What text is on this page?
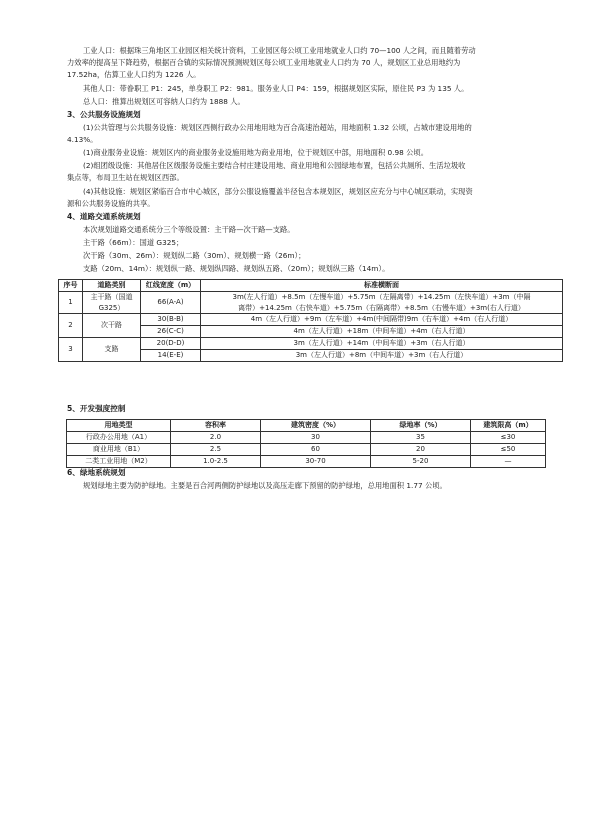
工业人口：根据珠三角地区工业园区相关统计资料，工业园区每公顷工业用地就业人口约 70—100 人之间，而且随着劳动
力效率的提高呈下降趋势，根据百合镇的实际情况预测规划区每公顷工业用地就业人口约为 70 人，规划区工业总用地约为
17.52ha，估算工业人口约为 1226 人。
其他人口：带眷职工 P1：245，单身职工 P2：981。服务业人口 P4：159，根据规划区实际，原住民 P3 为 135 人。
总人口：推算出规划区可容纳人口约为 1888 人。
3、公共服务设施规划
(1)公共管理与公共服务设施：规划区西侧行政办公用地用地为百合高速治超站，用地面积 1.32 公顷，占城市建设用地的
4.13%。
(1)商业服务业设施：规划区内的商业服务业设施用地为商业用地，位于规划区中部，用地面积 0.98 公顷。
(2)组团级设施：其他居住区级服务设施主要结合村庄建设用地、商业用地和公园绿地布置，包括公共厕所、生活垃圾收
集点等，布局卫生站在规划区西部。
(4)其他设施：规划区紧临百合市中心城区，部分公服设施覆盖半径包含本规划区，规划区应充分与中心城区联动，实现资
源和公共服务设施的共享。
4、道路交通系统规划
本次规划道路交通系统分三个等级设置：主干路—次干路—支路。
主干路（66m）：国道 G325；
次干路（30m、26m）：规划纵二路（30m）、规划横一路（26m）；
支路（20m、14m）：规划纵一路、规划纵四路、规划纵五路、（20m）；规划纵三路（14m）。
序号	道路类别	红线宽度（m）	标准横断面
1	主干路（国道 G325）	66(A-A)	3m(左人行道）+8.5m（左慢车道）+5.75m（左隔离带）+14.25m（左快车道）+3m（中隔
离带）+14.25m（右快车道）+5.75m（右隔离带）+8.5m（右慢车道）+3m(右人行道）

2	次干路	30(B-B)	4m（左人行道）+9m（左车道）+4m(中间隔带)9m（右车道）+4m（右人行道）
		26(C-C)	4m（左人行道）+18m（中间车道）+4m（右人行道）
3	支路	20(D-D)	3m（左人行道）+14m（中间车道）+3m（右人行道）
		14(E-E)	3m（左人行道）+8m（中间车道）+3m（右人行道）
5、开发强度控制
用地类型	容积率	建筑密度（%）	绿地率（%）	建筑限高（m）
行政办公用地（A1）	2.0	30	35	≤30
商业用地（B1）	2.5	60	20	≤50
二类工业用地（M2）	1.0-2.5	30-70	5-20	—
6、绿地系统规划
规划绿地主要为防护绿地。主要是百合河两侧防护绿地以及高压走廊下预留的防护绿地，总用地面积 1.77 公顷。
